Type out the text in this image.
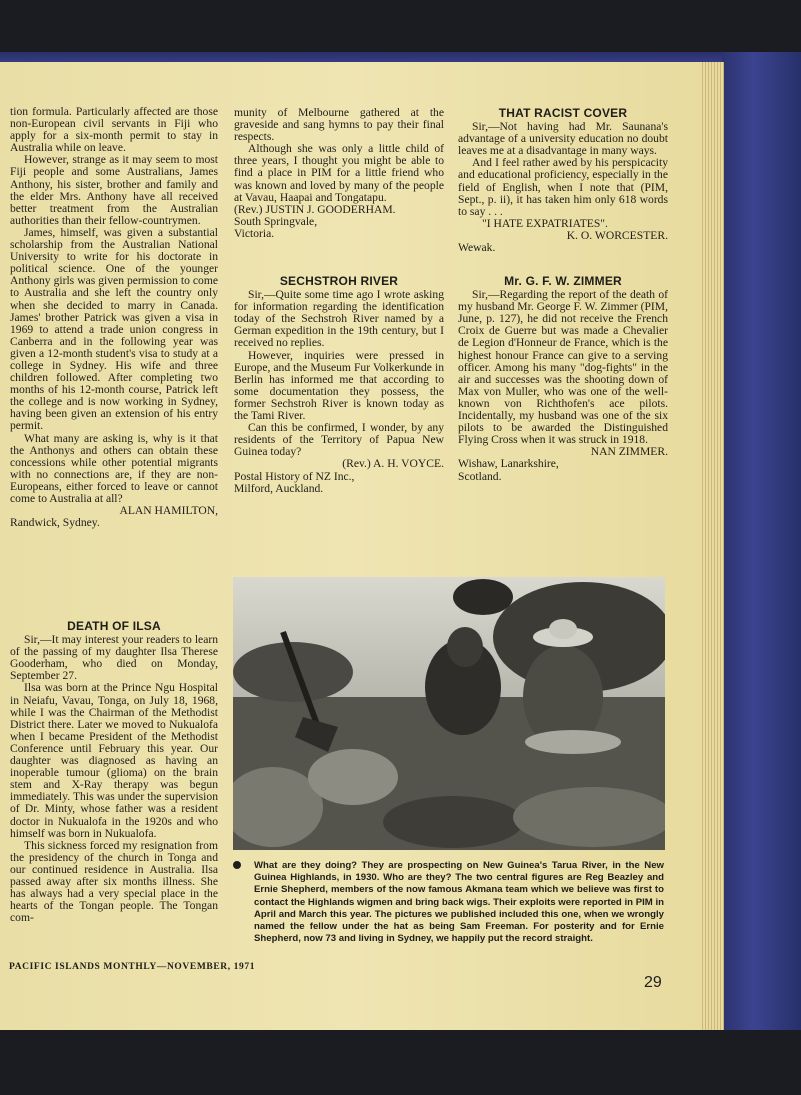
tion formula. Particularly affected are those non-European civil servants in Fiji who apply for a six-month permit to stay in Australia while on leave.

However, strange as it may seem to most Fiji people and some Australians, James Anthony, his sister, brother and family and the elder Mrs. Anthony have all received better treatment from the Australian authorities than their fellow-countrymen.

James, himself, was given a substantial scholarship from the Australian National University to write for his doctorate in political science. One of the younger Anthony girls was given permission to come to Australia and she left the country only when she decided to marry in Canada. James' brother Patrick was given a visa in 1969 to attend a trade union congress in Canberra and in the following year was given a 12-month student's visa to study at a college in Sydney. His wife and three children followed. After completing two months of his 12-month course, Patrick left the college and is now working in Sydney, having been given an extension of his entry permit.

What many are asking is, why is it that the Anthonys and others can obtain these concessions while other potential migrants with no connections are, if they are non-Europeans, either forced to leave or cannot come to Australia at all?

ALAN HAMILTON,

Randwick, Sydney.

DEATH OF ILSA

Sir,—It may interest your readers to learn of the passing of my daughter Ilsa Therese Gooderham, who died on Monday, September 27.

Ilsa was born at the Prince Ngu Hospital in Neiafu, Vavau, Tonga, on July 18, 1968, while I was the Chairman of the Methodist District there. Later we moved to Nukualofa when I became President of the Methodist Conference until February this year. Our daughter was diagnosed as having an inoperable tumour (glioma) on the brain stem and X-Ray therapy was begun immediately. This was under the supervision of Dr. Minty, whose father was a resident doctor in Nukualofa in the 1920s and who himself was born in Nukualofa.

This sickness forced my resignation from the presidency of the church in Tonga and our continued residence in Australia. Ilsa passed away after six months illness. She has always had a very special place in the hearts of the Tongan people. The Tongan com-

munity of Melbourne gathered at the graveside and sang hymns to pay their final respects.

Although she was only a little child of three years, I thought you might be able to find a place in PIM for a little friend who was known and loved by many of the people at Vavau, Haapai and Tongatapu.

(Rev.) JUSTIN J. GOODERHAM.

South Springvale,

Victoria.

SECHSTROH RIVER

Sir,—Quite some time ago I wrote asking for information regarding the identification today of the Sechstroh River named by a German expedition in the 19th century, but I received no replies.

However, inquiries were pressed in Europe, and the Museum Fur Volkerkunde in Berlin has informed me that according to some documentation they possess, the former Sechstroh River is known today as the Tami River.

Can this be confirmed, I wonder, by any residents of the Territory of Papua New Guinea today?

(Rev.) A. H. VOYCE.

Postal History of NZ Inc.,

Milford, Auckland.

THAT RACIST COVER

Sir,—Not having had Mr. Saunana's advantage of a university education no doubt leaves me at a disadvantage in many ways.

And I feel rather awed by his perspicacity and educational proficiency, especially in the field of English, when I note that (PIM, Sept., p. ii), it has taken him only 618 words to say . . .

"I HATE EXPATRIATES".

K. O. WORCESTER.

Wewak.

Mr. G. F. W. ZIMMER

Sir,—Regarding the report of the death of my husband Mr. George F. W. Zimmer (PIM, June, p. 127), he did not receive the French Croix de Guerre but was made a Chevalier de Legion d'Honneur de France, which is the highest honour France can give to a serving officer. Among his many "dog-fights" in the air and successes was the shooting down of Max von Muller, who was one of the well-known von Richthofen's ace pilots. Incidentally, my husband was one of the six pilots to be awarded the Distinguished Flying Cross when it was struck in 1918.

NAN ZIMMER.

Wishaw, Lanarkshire,

Scotland.

What are they doing? They are prospecting on New Guinea's Tarua River, in the New Guinea Highlands, in 1930. Who are they? The two central figures are Reg Beazley and Ernie Shepherd, members of the now famous Akmana team which we believe was first to contact the Highlands wigmen and bring back wigs. Their exploits were reported in PIM in April and March this year. The pictures we published included this one, when we wrongly named the fellow under the hat as being Sam Freeman. For posterity and for Ernie Shepherd, now 73 and living in Sydney, we happily put the record straight.
PACIFIC ISLANDS MONTHLY—NOVEMBER, 1971
29
